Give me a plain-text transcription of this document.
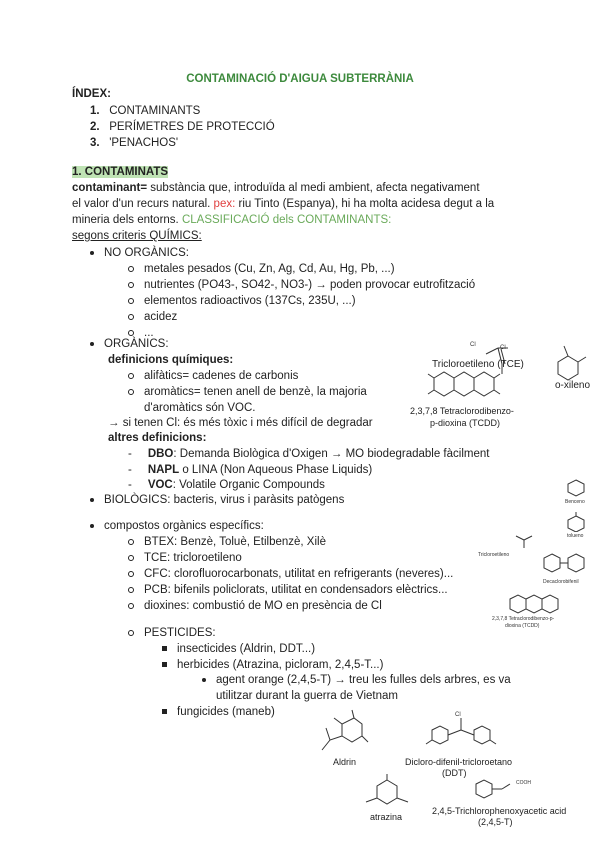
CONTAMINACIÓ D'AIGUA SUBTERRÀNIA
ÍNDEX:
1. CONTAMINANTS
2. PERÍMETRES DE PROTECCIÓ
3. 'PENACHOS'
1. CONTAMINATS
contaminant= substància que, introduïda al medi ambient, afecta negativament
el valor d'un recurs natural. pex: riu Tinto (Espanya), hi ha molta acidesa degut a la
mineria dels entorns. CLASSIFICACIÓ dels CONTAMINANTS:
segons criteris QUÍMICS:
NO ORGÀNICS:
metales pesados (Cu, Zn, Ag, Cd, Au, Hg, Pb, ...)
nutrientes (PO43-, SO42-, NO3-) → poden provocar eutrofització
elementos radioactivos (137Cs, 235U, ...)
acidez
...
ORGÀNICS:
definicions químiques:
alifàtics= cadenes de carbonis
aromàtics= tenen anell de benzè, la majoria
d'aromàtics són VOC.
→ si tenen Cl: és més tòxic i més difícil de degradar
altres definicions:
-     DBO: Demanda Biològica d'Oxigen → MO biodegradable fàcilment
-     NAPL o LINA (Non Aqueous Phase Liquids)
-     VOC: Volatile Organic Compounds
BIOLÒGICS: bacteris, virus i paràsits patògens
compostos orgànics específics:
BTEX: Benzè, Toluè, Etilbenzè, Xilè
TCE: tricloroetileno
CFC: clorofluorocarbonats, utilitat en refrigerants (neveres)...
PCB: bifenils policlorats, utilitat en condensadors elèctrics...
dioxines: combustió de MO en presència de Cl
PESTICIDES:
insecticides (Aldrin, DDT...)
herbicides (Atrazina, picloram, 2,4,5-T...)
agent orange (2,4,5-T) → treu les fulles dels arbres, es va
utilitzar durant la guerra de Vietnam
fungicides (maneb)
Cl	Cl
Tricloroetileno (TCE)
o-xileno
2,3,7,8 Tetraclorodibenzo-
p-dioxina (TCDD)
Benceno
tolueno
Tricloroetileno
Decaclorobifenil
2,3,7,8 Tetraclorodibenzo-p-
dioxina (TCDD)
Aldrin
Cl
Dicloro-difenil-tricloroetano
(DDT)
atrazina
COOH
2,4,5-Trichlorophenoxyacetic acid
(2,4,5-T)
